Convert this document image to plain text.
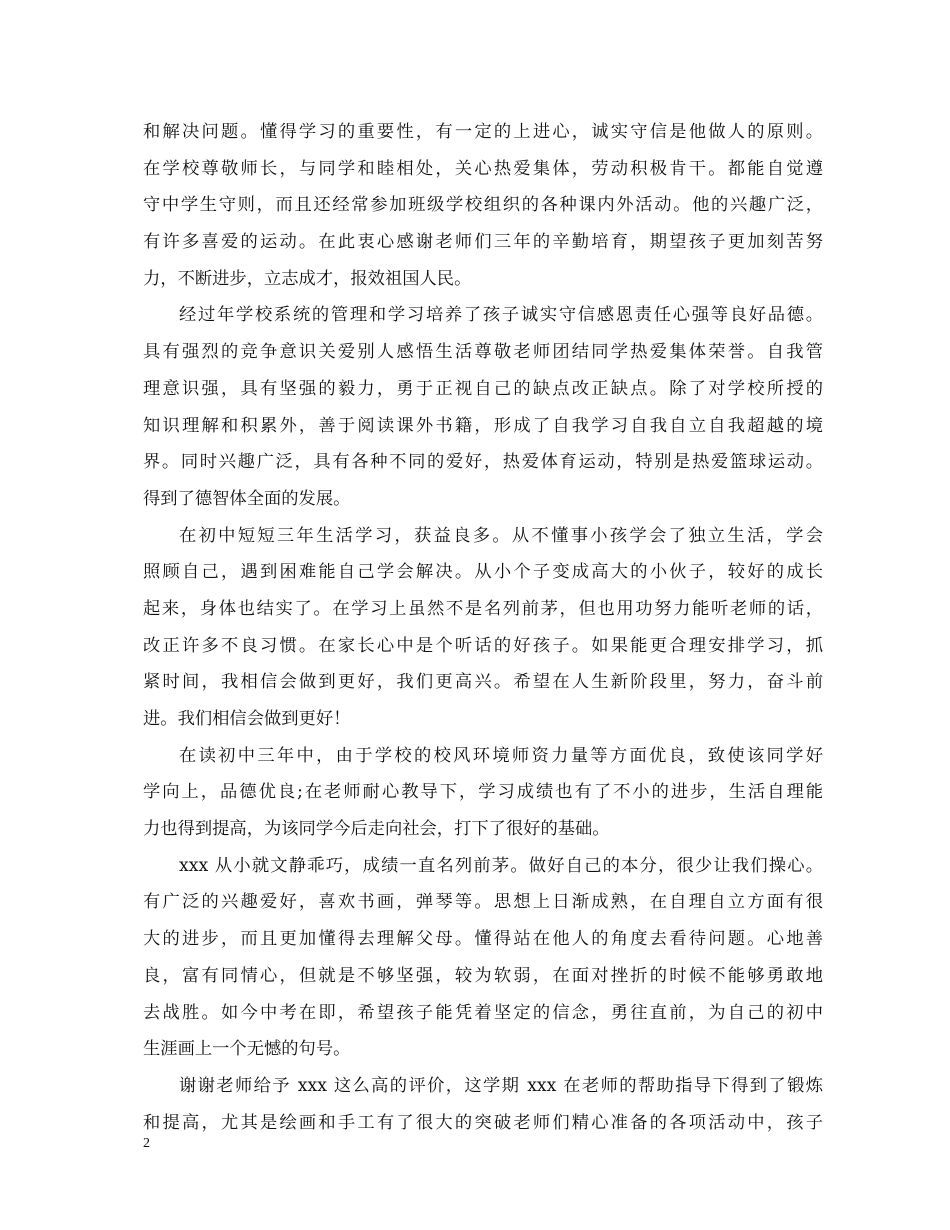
和解决问题。懂得学习的重要性，有一定的上进心，诚实守信是他做人的原则。
在学校尊敬师长，与同学和睦相处，关心热爱集体，劳动积极肯干。都能自觉遵
守中学生守则，而且还经常参加班级学校组织的各种课内外活动。他的兴趣广泛，
有许多喜爱的运动。在此衷心感谢老师们三年的辛勤培育，期望孩子更加刻苦努
力，不断进步，立志成才，报效祖国人民。
经过年学校系统的管理和学习培养了孩子诚实守信感恩责任心强等良好品德。
具有强烈的竞争意识关爱别人感悟生活尊敬老师团结同学热爱集体荣誉。自我管
理意识强，具有坚强的毅力，勇于正视自己的缺点改正缺点。除了对学校所授的
知识理解和积累外，善于阅读课外书籍，形成了自我学习自我自立自我超越的境
界。同时兴趣广泛，具有各种不同的爱好，热爱体育运动，特别是热爱篮球运动。
得到了德智体全面的发展。
在初中短短三年生活学习，获益良多。从不懂事小孩学会了独立生活，学会
照顾自己，遇到困难能自己学会解决。从小个子变成高大的小伙子，较好的成长
起来，身体也结实了。在学习上虽然不是名列前茅，但也用功努力能听老师的话，
改正许多不良习惯。在家长心中是个听话的好孩子。如果能更合理安排学习，抓
紧时间，我相信会做到更好，我们更高兴。希望在人生新阶段里，努力，奋斗前
进。我们相信会做到更好！
在读初中三年中，由于学校的校风环境师资力量等方面优良，致使该同学好
学向上，品德优良;在老师耐心教导下，学习成绩也有了不小的进步，生活自理能
力也得到提高，为该同学今后走向社会，打下了很好的基础。
xxx 从小就文静乖巧，成绩一直名列前茅。做好自己的本分，很少让我们操心。
有广泛的兴趣爱好，喜欢书画，弹琴等。思想上日渐成熟，在自理自立方面有很
大的进步，而且更加懂得去理解父母。懂得站在他人的角度去看待问题。心地善
良，富有同情心，但就是不够坚强，较为软弱，在面对挫折的时候不能够勇敢地
去战胜。如今中考在即，希望孩子能凭着坚定的信念，勇往直前，为自己的初中
生涯画上一个无憾的句号。
谢谢老师给予 xxx 这么高的评价，这学期 xxx 在老师的帮助指导下得到了锻炼
和提高，尤其是绘画和手工有了很大的突破老师们精心准备的各项活动中，孩子
2
